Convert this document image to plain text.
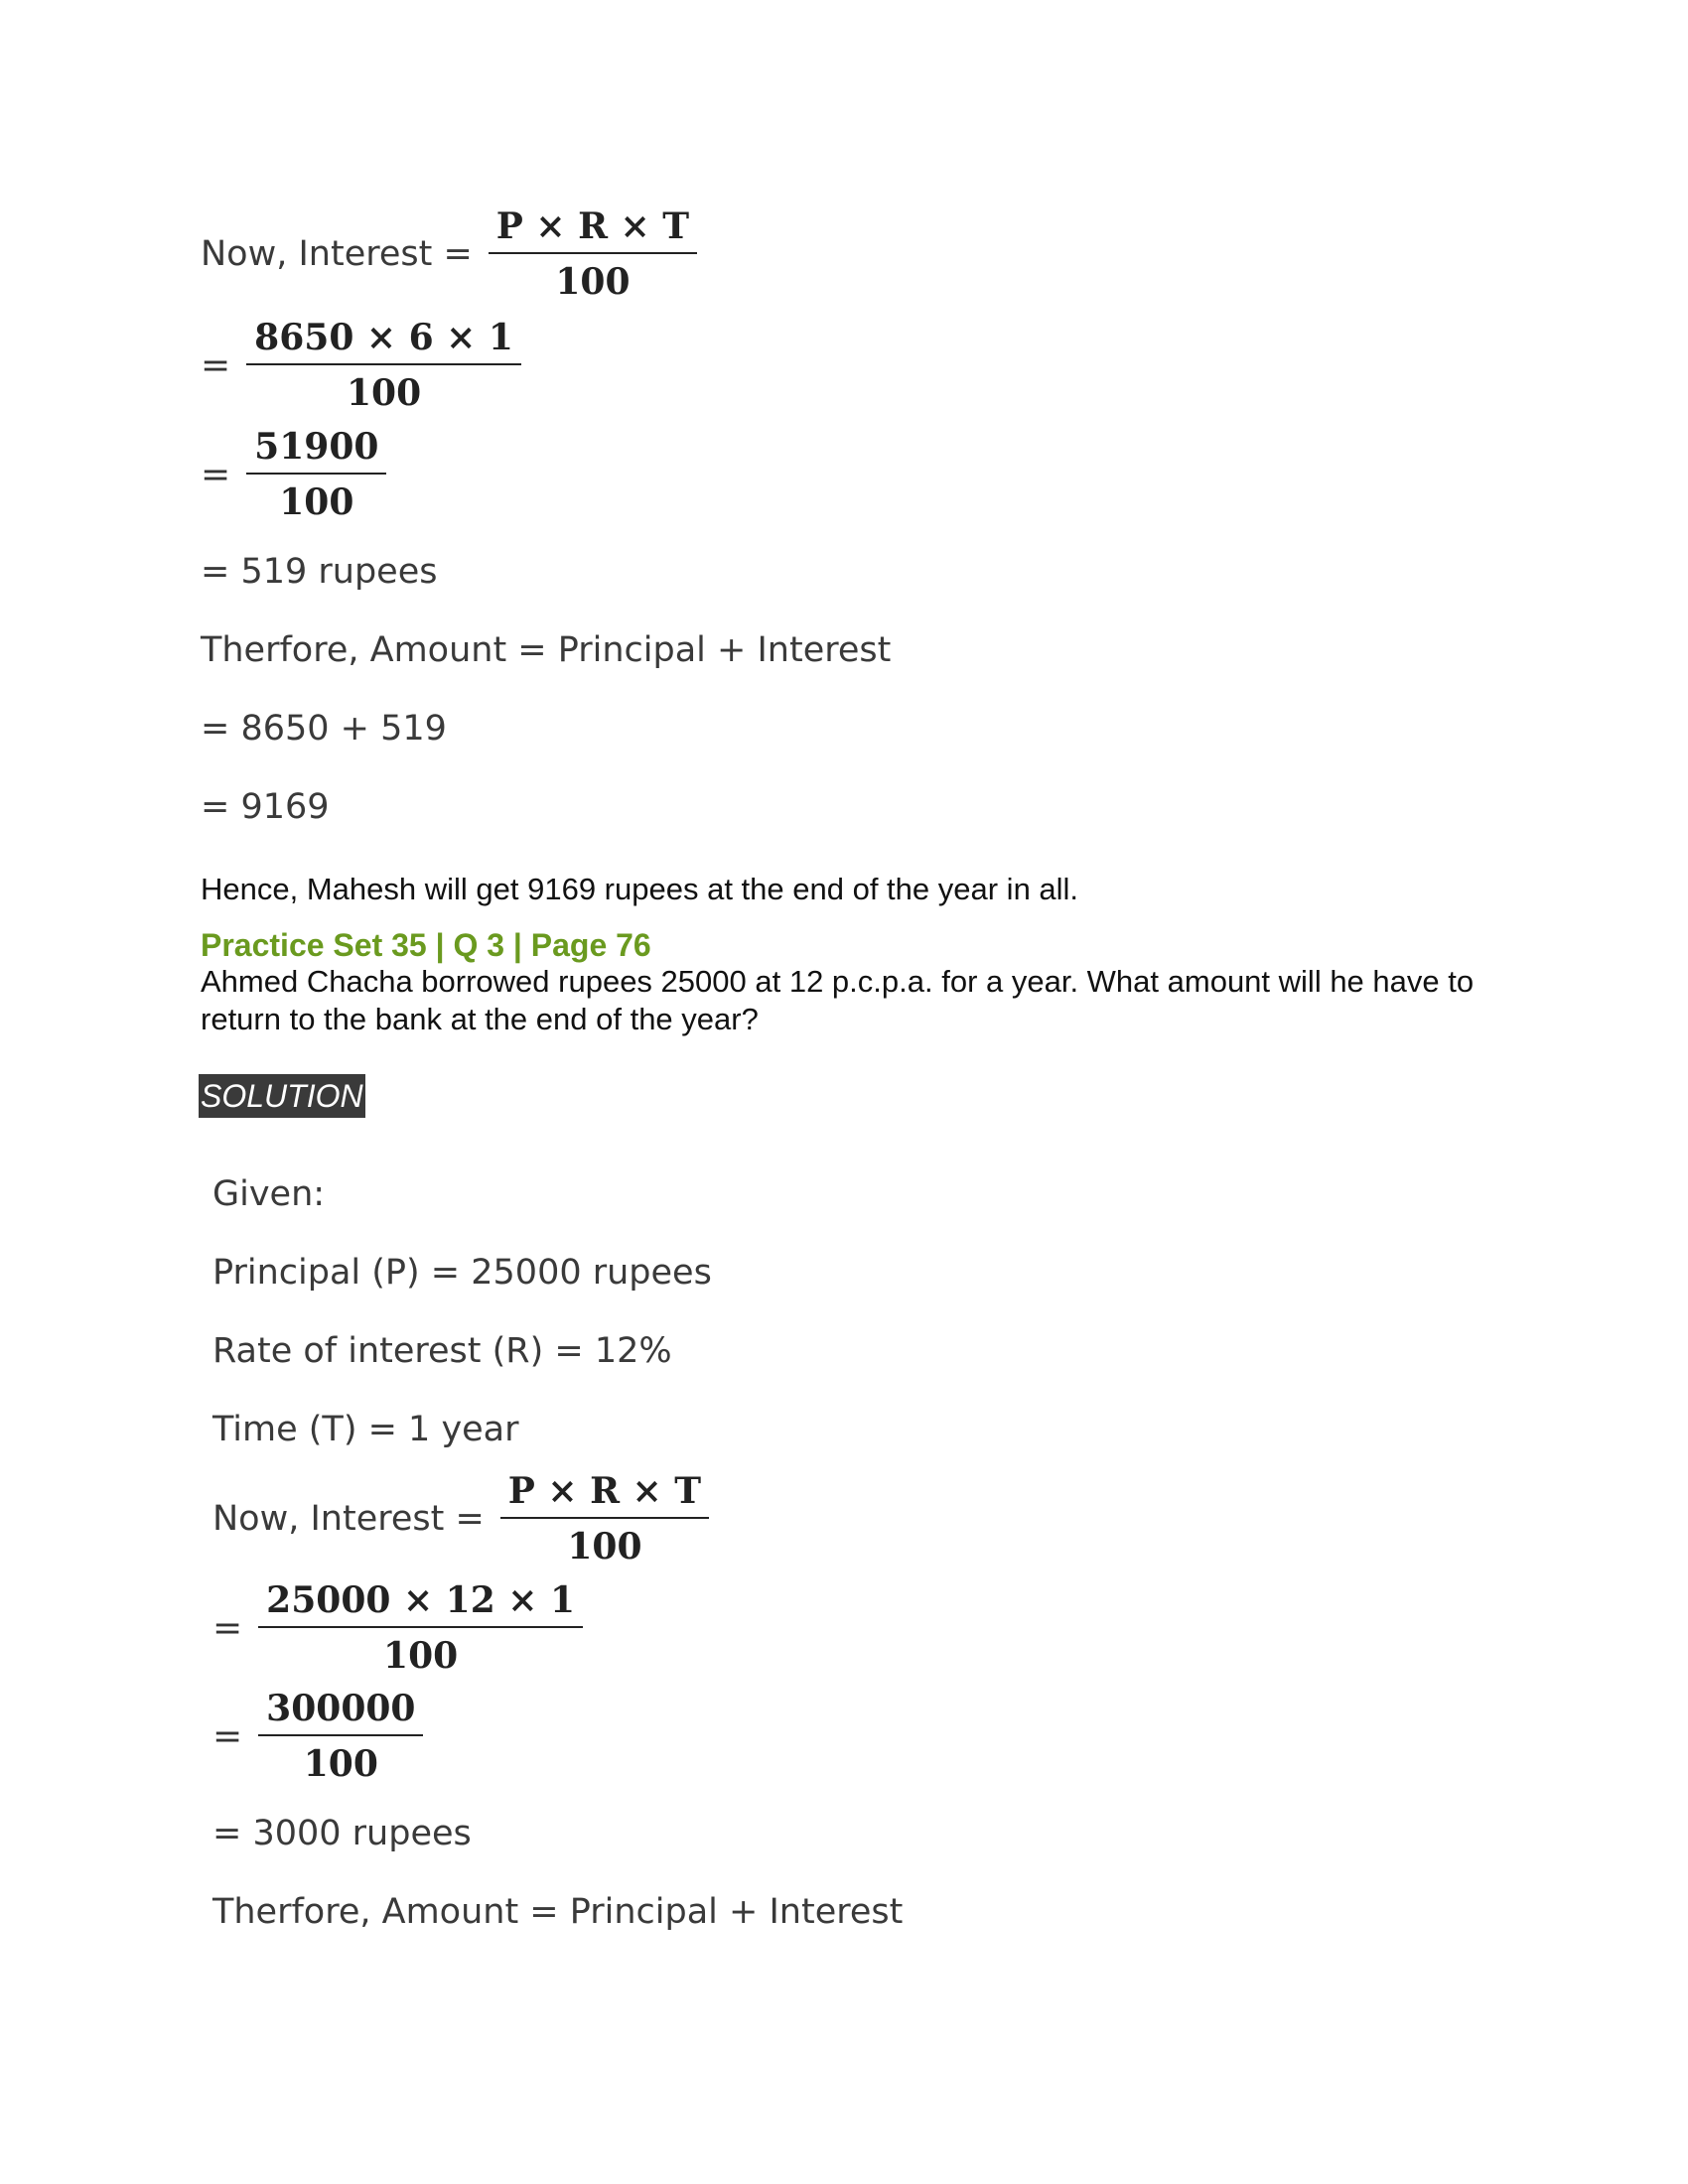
Now, Interest = $\frac{P \times R \times T}{100}$
= $\frac{8650 \times 6 \times 1}{100}$
= $\frac{51900}{100}$
= 519 rupees
Therfore, Amount = Principal + Interest
= 8650 + 519
= 9169
Hence, Mahesh will get 9169 rupees at the end of the year in all.
Practice Set 35 | Q 3 | Page 76
Ahmed Chacha borrowed rupees 25000 at 12 p.c.p.a. for a year. What amount will he have to return to the bank at the end of the year?
SOLUTION
Given:
Principal (P) = 25000 rupees
Rate of interest (R) = 12%
Time (T) = 1 year
Now, Interest = $\frac{P \times R \times T}{100}$
= $\frac{25000 \times 12 \times 1}{100}$
= $\frac{300000}{100}$
= 3000 rupees
Therfore, Amount = Principal + Interest
